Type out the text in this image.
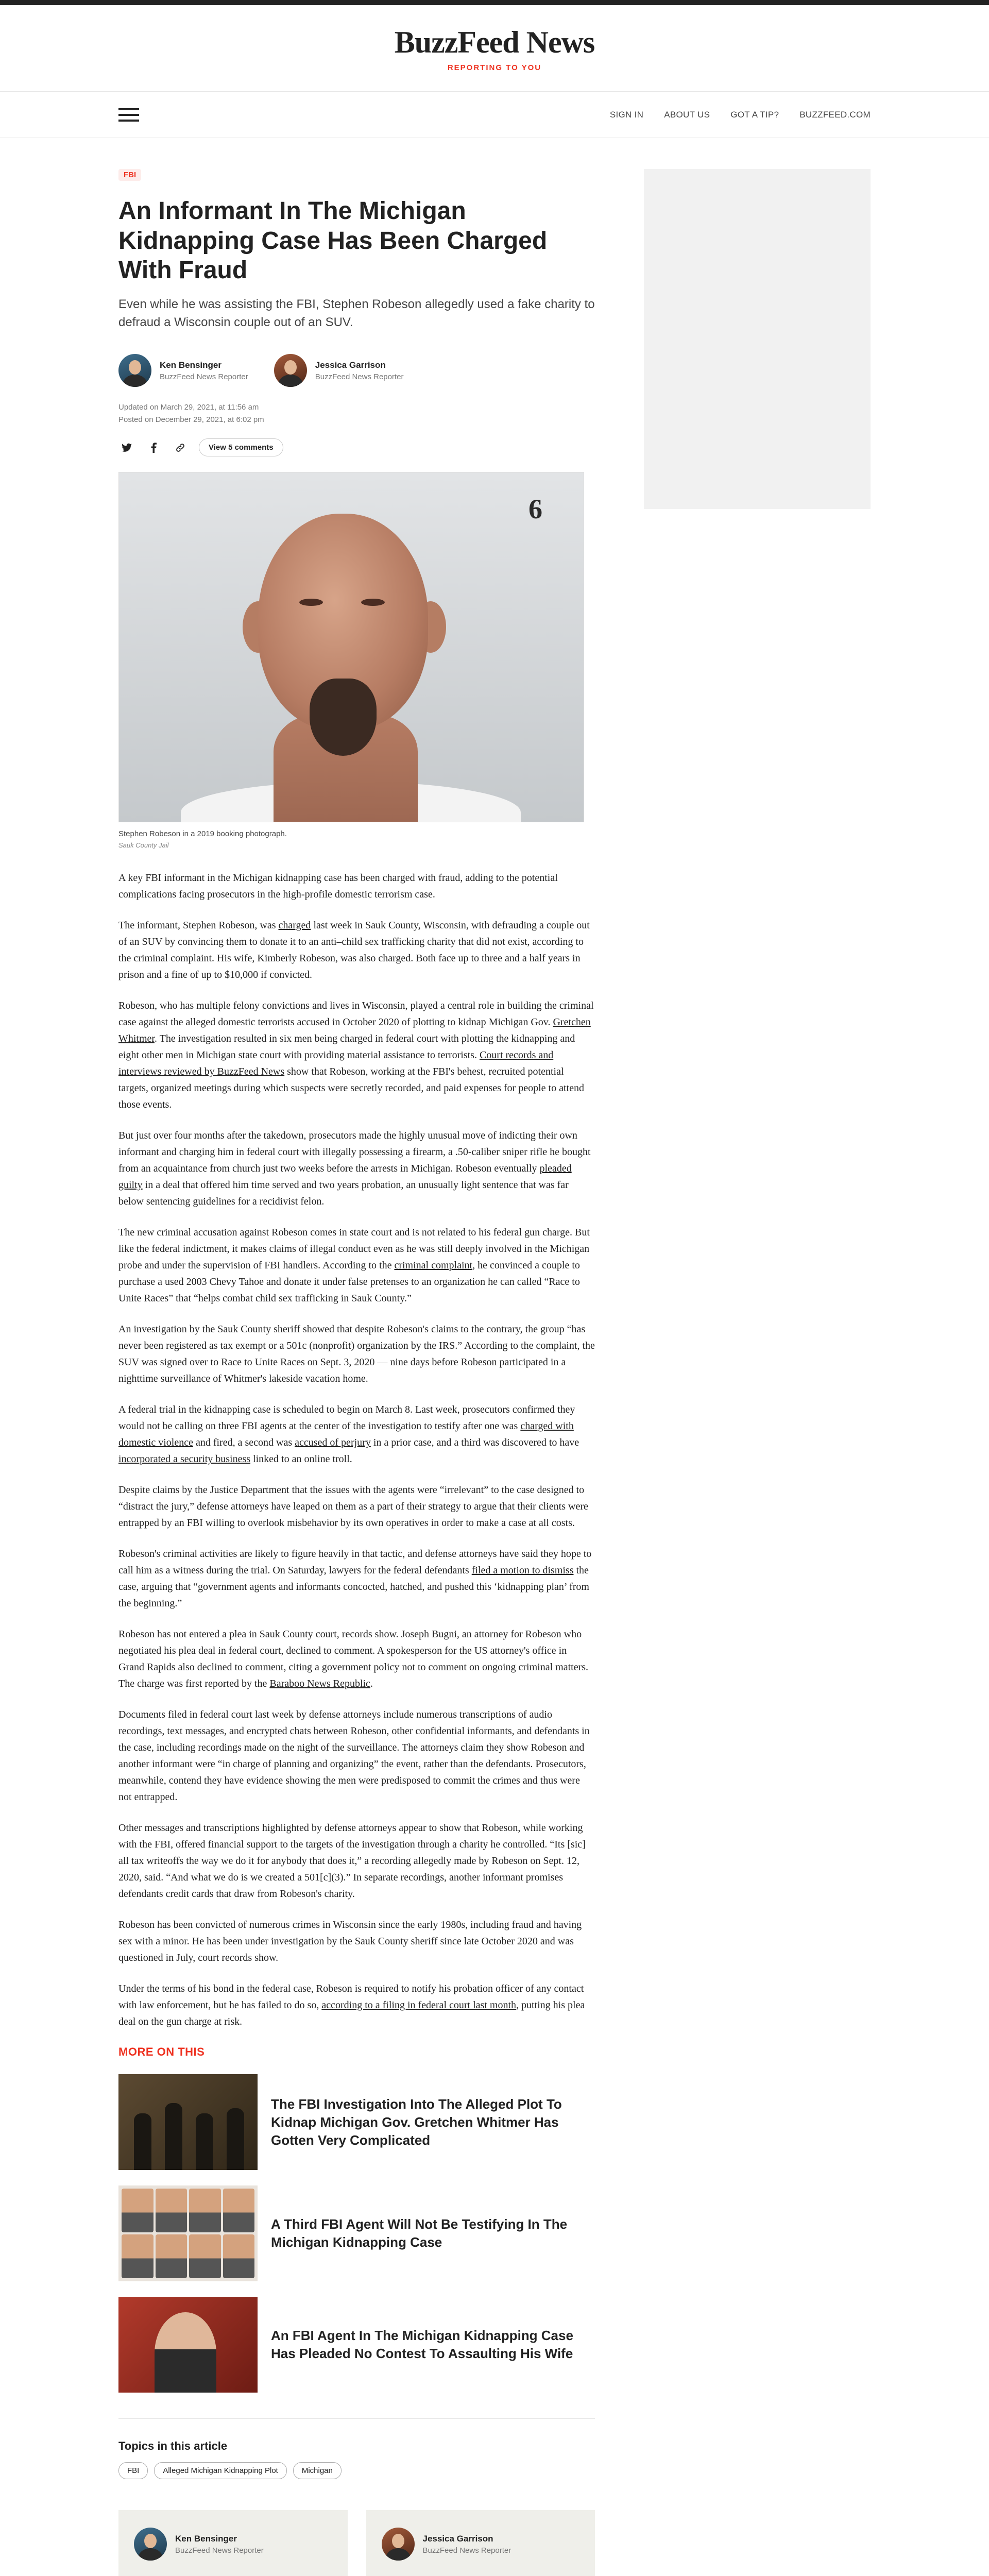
BuzzFeed News
REPORTING TO YOU
SIGN IN ABOUT US GOT A TIP? BUZZFEED.COM
FBI
An Informant In The Michigan Kidnapping Case Has Been Charged With Fraud

Even while he was assisting the FBI, Stephen Robeson allegedly used a fake charity to defraud a Wisconsin couple out of an SUV.

Ken Bensinger
BuzzFeed News Reporter
Jessica Garrison
BuzzFeed News Reporter
Updated on March 29, 2021, at 11:56 am
Posted on December 29, 2021, at 6:02 pm
View 5 comments
6
Stephen Robeson in a 2019 booking photograph.
Sauk County Jail

A key FBI informant in the Michigan kidnapping case has been charged with fraud, adding to the potential complications facing prosecutors in the high-profile domestic terrorism case.

The informant, Stephen Robeson, was charged last week in Sauk County, Wisconsin, with defrauding a couple out of an SUV by convincing them to donate it to an anti–child sex trafficking charity that did not exist, according to the criminal complaint. His wife, Kimberly Robeson, was also charged. Both face up to three and a half years in prison and a fine of up to $10,000 if convicted.

Robeson, who has multiple felony convictions and lives in Wisconsin, played a central role in building the criminal case against the alleged domestic terrorists accused in October 2020 of plotting to kidnap Michigan Gov. Gretchen Whitmer. The investigation resulted in six men being charged in federal court with plotting the kidnapping and eight other men in Michigan state court with providing material assistance to terrorists. Court records and interviews reviewed by BuzzFeed News show that Robeson, working at the FBI's behest, recruited potential targets, organized meetings during which suspects were secretly recorded, and paid expenses for people to attend those events.

But just over four months after the takedown, prosecutors made the highly unusual move of indicting their own informant and charging him in federal court with illegally possessing a firearm, a .50-caliber sniper rifle he bought from an acquaintance from church just two weeks before the arrests in Michigan. Robeson eventually pleaded guilty in a deal that offered him time served and two years probation, an unusually light sentence that was far below sentencing guidelines for a recidivist felon.

The new criminal accusation against Robeson comes in state court and is not related to his federal gun charge. But like the federal indictment, it makes claims of illegal conduct even as he was still deeply involved in the Michigan probe and under the supervision of FBI handlers. According to the criminal complaint, he convinced a couple to purchase a used 2003 Chevy Tahoe and donate it under false pretenses to an organization he can called “Race to Unite Races” that “helps combat child sex trafficking in Sauk County.”

An investigation by the Sauk County sheriff showed that despite Robeson's claims to the contrary, the group “has never been registered as tax exempt or a 501c (nonprofit) organization by the IRS.” According to the complaint, the SUV was signed over to Race to Unite Races on Sept. 3, 2020 — nine days before Robeson participated in a nighttime surveillance of Whitmer's lakeside vacation home.

A federal trial in the kidnapping case is scheduled to begin on March 8. Last week, prosecutors confirmed they would not be calling on three FBI agents at the center of the investigation to testify after one was charged with domestic violence and fired, a second was accused of perjury in a prior case, and a third was discovered to have incorporated a security business linked to an online troll.

Despite claims by the Justice Department that the issues with the agents were “irrelevant” to the case designed to “distract the jury,” defense attorneys have leaped on them as a part of their strategy to argue that their clients were entrapped by an FBI willing to overlook misbehavior by its own operatives in order to make a case at all costs.

Robeson's criminal activities are likely to figure heavily in that tactic, and defense attorneys have said they hope to call him as a witness during the trial. On Saturday, lawyers for the federal defendants filed a motion to dismiss the case, arguing that “government agents and informants concocted, hatched, and pushed this ‘kidnapping plan’ from the beginning.”

Robeson has not entered a plea in Sauk County court, records show. Joseph Bugni, an attorney for Robeson who negotiated his plea deal in federal court, declined to comment. A spokesperson for the US attorney's office in Grand Rapids also declined to comment, citing a government policy not to comment on ongoing criminal matters. The charge was first reported by the Baraboo News Republic.

Documents filed in federal court last week by defense attorneys include numerous transcriptions of audio recordings, text messages, and encrypted chats between Robeson, other confidential informants, and defendants in the case, including recordings made on the night of the surveillance. The attorneys claim they show Robeson and another informant were “in charge of planning and organizing” the event, rather than the defendants. Prosecutors, meanwhile, contend they have evidence showing the men were predisposed to commit the crimes and thus were not entrapped.

Other messages and transcriptions highlighted by defense attorneys appear to show that Robeson, while working with the FBI, offered financial support to the targets of the investigation through a charity he controlled. “Its [sic] all tax writeoffs the way we do it for anybody that does it,” a recording allegedly made by Robeson on Sept. 12, 2020, said. “And what we do is we created a 501[c](3).” In separate recordings, another informant promises defendants credit cards that draw from Robeson's charity.

Robeson has been convicted of numerous crimes in Wisconsin since the early 1980s, including fraud and having sex with a minor. He has been under investigation by the Sauk County sheriff since late October 2020 and was questioned in July, court records show.

Under the terms of his bond in the federal case, Robeson is required to notify his probation officer of any contact with law enforcement, but he has failed to do so, according to a filing in federal court last month, putting his plea deal on the gun charge at risk.

MORE ON THIS
The FBI Investigation Into The Alleged Plot To Kidnap Michigan Gov. Gretchen Whitmer Has Gotten Very Complicated
A Third FBI Agent Will Not Be Testifying In The Michigan Kidnapping Case
An FBI Agent In The Michigan Kidnapping Case Has Pleaded No Contest To Assaulting His Wife
Topics in this article
FBI	Alleged Michigan Kidnapping Plot	Michigan
Ken Bensinger
BuzzFeed News Reporter

Jessica Garrison
BuzzFeed News Reporter
